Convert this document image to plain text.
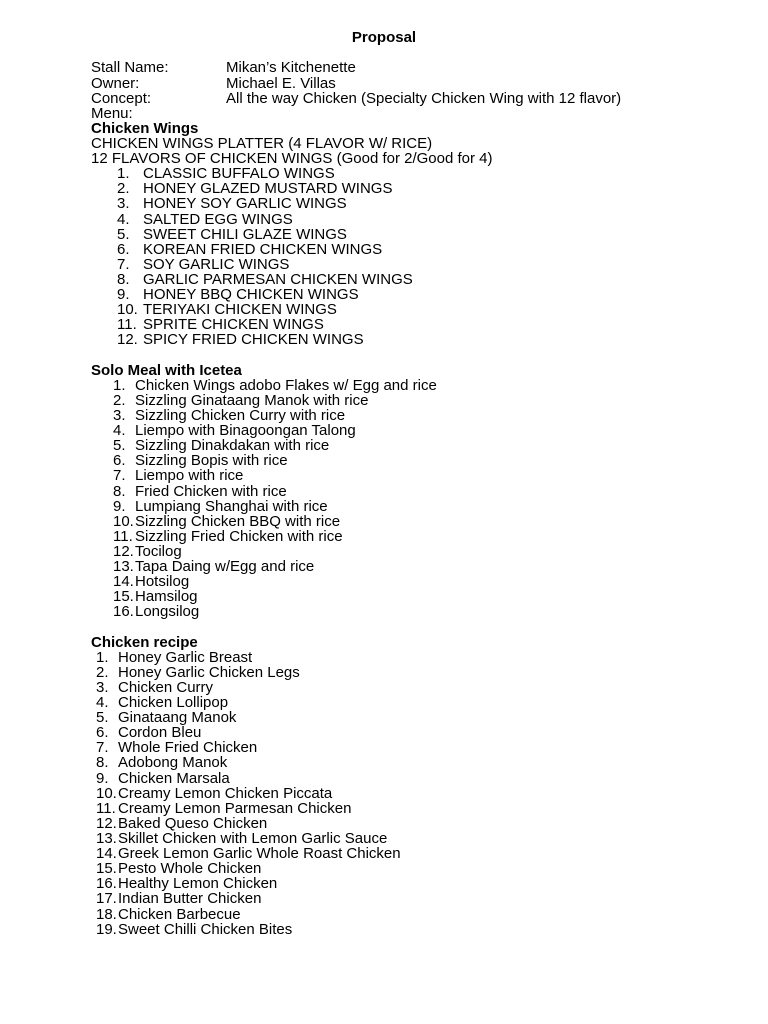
Proposal
Stall Name:	Mikan’s Kitchenette
Owner:	Michael E. Villas
Concept:	All the way Chicken (Specialty Chicken Wing with 12 flavor)
Menu:
Chicken Wings
CHICKEN WINGS PLATTER (4 FLAVOR W/ RICE)
12 FLAVORS OF CHICKEN WINGS (Good for 2/Good for 4)
1. CLASSIC BUFFALO WINGS
2. HONEY GLAZED MUSTARD WINGS
3. HONEY SOY GARLIC WINGS
4. SALTED EGG WINGS
5. SWEET CHILI GLAZE WINGS
6. KOREAN FRIED CHICKEN WINGS
7. SOY GARLIC WINGS
8. GARLIC PARMESAN CHICKEN WINGS
9. HONEY BBQ CHICKEN WINGS
10. TERIYAKI CHICKEN WINGS
11. SPRITE CHICKEN WINGS
12. SPICY FRIED CHICKEN WINGS
Solo Meal with Icetea
1. Chicken Wings adobo Flakes w/ Egg and rice
2. Sizzling Ginataang Manok with rice
3. Sizzling Chicken Curry with rice
4. Liempo with Binagoongan Talong
5. Sizzling Dinakdakan with rice
6. Sizzling Bopis with rice
7. Liempo with rice
8. Fried Chicken with rice
9. Lumpiang Shanghai with rice
10. Sizzling Chicken BBQ with rice
11. Sizzling Fried Chicken with rice
12. Tocilog
13. Tapa Daing w/Egg and rice
14. Hotsilog
15. Hamsilog
16. Longsilog
Chicken recipe
1. Honey Garlic Breast
2. Honey Garlic Chicken Legs
3. Chicken Curry
4. Chicken Lollipop
5. Ginataang Manok
6. Cordon Bleu
7. Whole Fried Chicken
8. Adobong Manok
9. Chicken Marsala
10. Creamy Lemon Chicken Piccata
11. Creamy Lemon Parmesan Chicken
12. Baked Queso Chicken
13. Skillet Chicken with Lemon Garlic Sauce
14. Greek Lemon Garlic Whole Roast Chicken
15. Pesto Whole Chicken
16. Healthy Lemon Chicken
17. Indian Butter Chicken
18. Chicken Barbecue
19. Sweet Chilli Chicken Bites
